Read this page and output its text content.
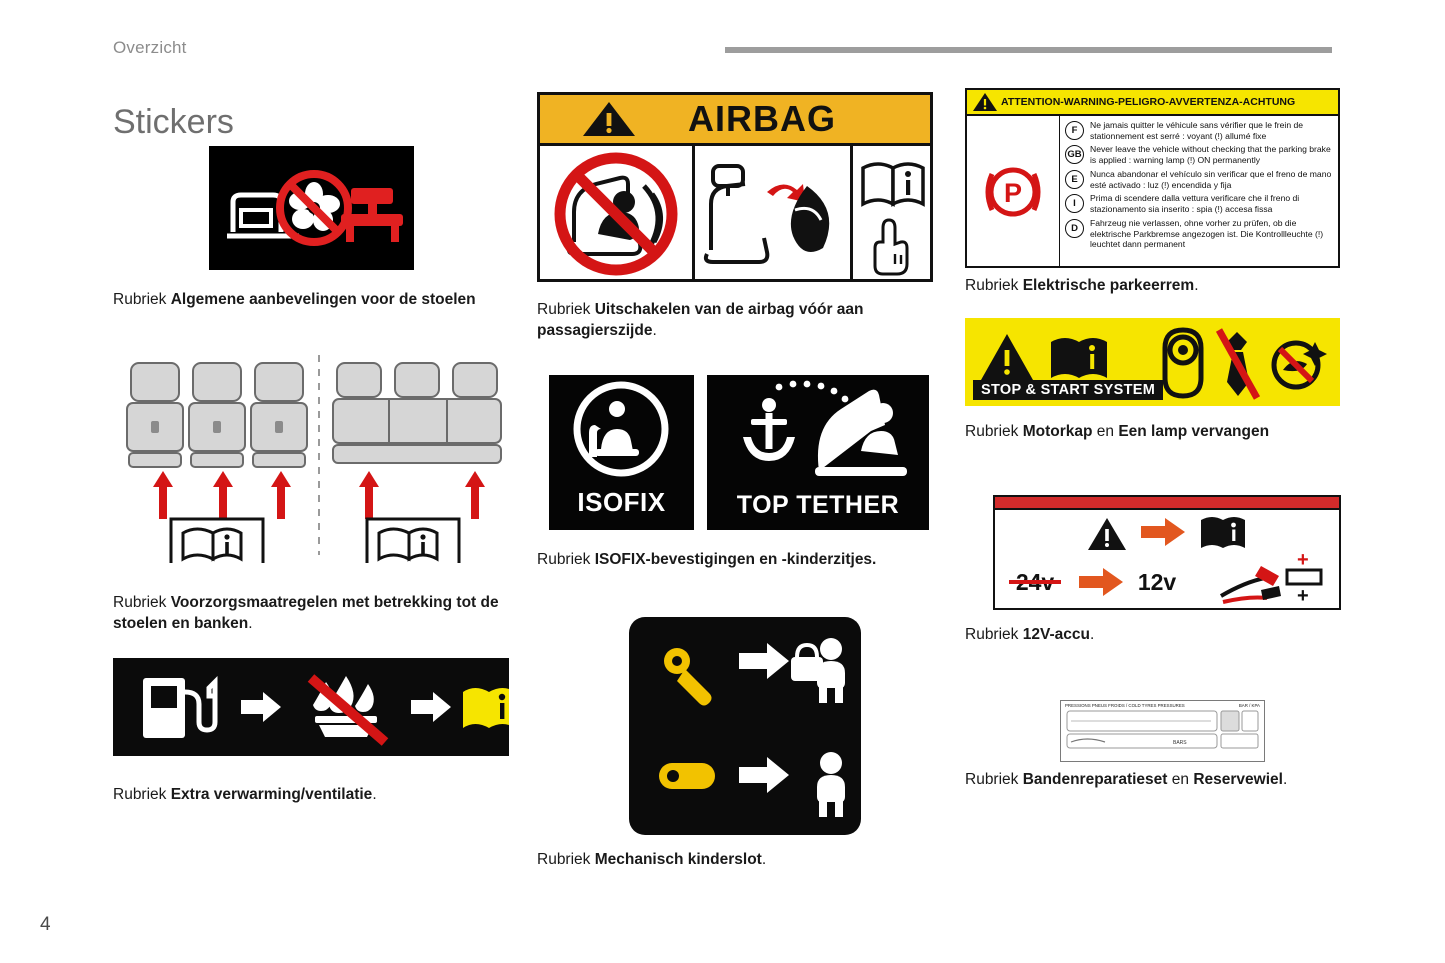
Overzicht
Stickers
4
Rubriek Algemene aanbevelingen voor de stoelen
Rubriek Voorzorgsmaatregelen met betrekking tot de stoelen en banken.
Rubriek Extra verwarming/ventilatie.
AIRBAG
Rubriek Uitschakelen van de airbag vóór aan passagierszijde.
ISOFIX	TOP TETHER
Rubriek ISOFIX-bevestigingen en -kinderzitjes.
Rubriek Mechanisch kinderslot.
ATTENTION-WARNING-PELIGRO-AVVERTENZA-ACHTUNG
P
F	Ne jamais quitter le véhicule sans vérifier que le frein de stationnement est serré : voyant (!) allumé fixe
GB Never leave the vehicle without checking that the parking brake is applied : warning lamp (!) ON permanently
E	Nunca abandonar el vehículo sin verificar que el freno de mano esté activado : luz (!) encendida y fija
I	Prima di scendere dalla vettura verificare che il freno di stazionamento sia inserito : spia (!) accesa fissa
D	Fahrzeug nie verlassen, ohne vorher zu prüfen, ob die elektrische Parkbremse angezogen ist. Die Kontrollleuchte (!) leuchtet dann permanent
Rubriek Elektrische parkeerrem.
STOP & START SYSTEM
Rubriek Motorkap en Een lamp vervangen
24v	12v
+
+
Rubriek 12V-accu.
PRESSIONS PNEUS FROIDS / COLD TYRES PRESSURES	BAR / KPA
BARS
Rubriek Bandenreparatieset en Reservewiel.
